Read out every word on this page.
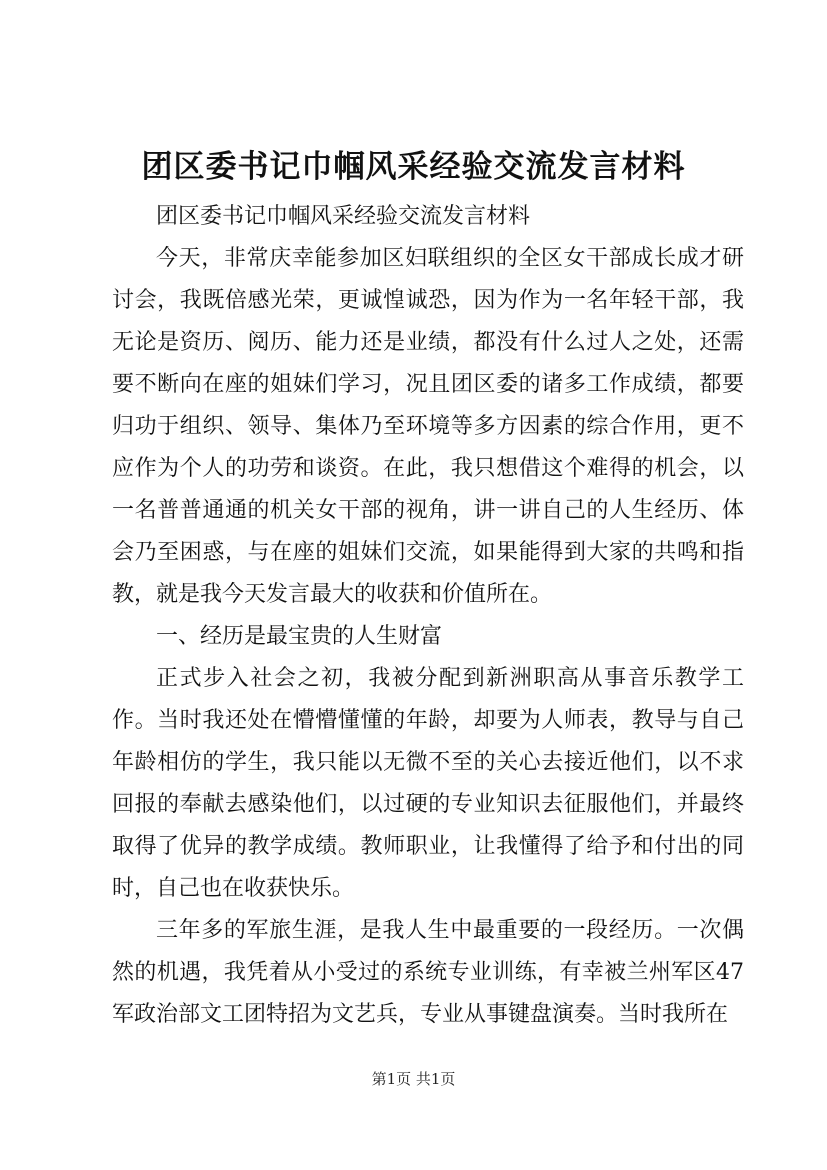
团区委书记巾帼风采经验交流发言材料

团区委书记巾帼风采经验交流发言材料

今天，非常庆幸能参加区妇联组织的全区女干部成长成才研讨会，我既倍感光荣，更诚惶诚恐，因为作为一名年轻干部，我无论是资历、阅历、能力还是业绩，都没有什么过人之处，还需要不断向在座的姐妹们学习，况且团区委的诸多工作成绩，都要归功于组织、领导、集体乃至环境等多方因素的综合作用，更不应作为个人的功劳和谈资。在此，我只想借这个难得的机会，以一名普普通通的机关女干部的视角，讲一讲自己的人生经历、体会乃至困惑，与在座的姐妹们交流，如果能得到大家的共鸣和指教，就是我今天发言最大的收获和价值所在。

一、经历是最宝贵的人生财富

正式步入社会之初，我被分配到新洲职高从事音乐教学工作。当时我还处在懵懵懂懂的年龄，却要为人师表，教导与自己年龄相仿的学生，我只能以无微不至的关心去接近他们，以不求回报的奉献去感染他们，以过硬的专业知识去征服他们，并最终取得了优异的教学成绩。教师职业，让我懂得了给予和付出的同时，自己也在收获快乐。

三年多的军旅生涯，是我人生中最重要的一段经历。一次偶然的机遇，我凭着从小受过的系统专业训练，有幸被兰州军区47军政治部文工团特招为文艺兵，专业从事键盘演奏。当时我所在

第1页 共1页
